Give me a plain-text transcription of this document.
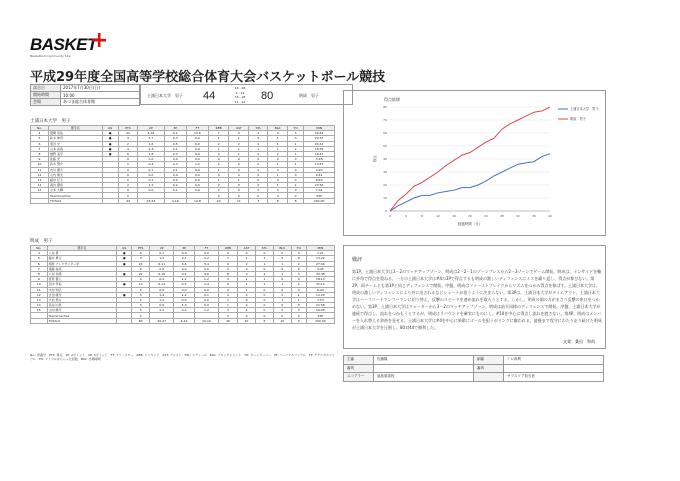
BASKET
+
Basketball Community Site
平成29年度全国高等学校総合体育大会バスケットボール競技
試合日	2017年7月30日(日)
開始時間	10:00
会場	あづま総合体育館
土浦日本大学　男子 44
16 - 26
2 - 19
15 - 18
11 - 12	80	明成　男子
土浦日本大学　男子
No.	選手名	GS	PTS	2P	3P	FT	REB	AST	STL	BLK	TO	MIN
4	風間 亮佑	●	21	4-16	0-1	13-6	7	3	1	0	3	30:52
5	鈴木 伸吾	●	4	2-7	0-3	0-0	1	1	0	1	0	29:37
6	原田 光	●	2	1-6	0-5	0-0	2	2	0	1	1	26:41
7	山本 拓哉	●	4	2-3	0-1	0-0	1	1	1	1	2	18:39
8	橋野 凌平	●	6	3-8	0-3	0-0	4	1	0	2	1	19:47
9	佐藤 光		0	0-0	0-0	0-0	0	0	0	0	0	5:28
10	鈴木 慧介		1	0-4	0-3	1-2	2	0	0	1	1	13:57
11	吉川 優斗		0	0-1	0-1	0-0	1	0	0	0	0	4:20
12	山内 健太		0	0-0	0-0	0-0	0	0	0	1	0	9:41
13	藤田 伝斗		0	0-1	0-0	0-0	1	1	0	0	0	8:49
14	森田 優希		2	1-2	0-2	0-0	2	0	0	1	2	20:55
15	山本 大輝		0	0-0	0-1	0-0	0	0	0	0	0	7:04
	TeamCoaches		0				0	0	0	0	0	25P
	TOTALS		44	15-53	0-18	14-8	24	11	3	8	8	200:00
明成　男子
No.	選手名	GS	PTS	2P	3P	FT	REB	AST	STL	BLK	TO	MIN
4	八村 塁	●	0	0-1	0-0	0-0	0	0	0	0	0	7:21
5	藤井 勇太	●	3	1-2	0-1	1-2	1	1	1	2	0	13:22
6	相原 アレクサンダー学	●	24	6-11	3-6	3-4	6	2	1	1	2	27:00
7	遠藤 祐亮		0	0-0	0-0	0-0	0	0	0	0	0	4:45
8	八村 和馬	●	22	9-10	0-2	4-6	8	3	2	3	3	32:48
9	菅原 優人		4	0-2	1-2	1-2	3	1	1	0	0	18:13
10	田中 孝佑	●	10	6-13	0-3	1-4	6	1	1	1	2	31:14
11	木村 知弘		0	0-0	0-0	0-0	0	1	0	0	0	6:40
12	吉田 健介	●	5	1-4	1-2	0-1	4	0	0	2	1	12:20
13	大松 悠太		2	1-2	0-0	0-0	1	0	0	1	1	7:53
14	長谷川 航		3	0-0	1-3	0-0	1	0	0	0	0	21:58
15	山内 健介		5	2-2	0-0	1-2	3	1	0	0	0	16:08
	TeamCoaches		0				3	0	0	0	0	25P
	TOTALS		80	26-47	6-19	10-19	36	10	6	10	9	200:00
No.: 背番号　PTS: 得点　2P: 2ポイント　3P: 3ポイント　FT: フリースロー　REB: リバウンド　AST: アシスト　STL: スティール　BLK: ブロックショット　TO: ターンオーバー　PF: パーソナルファウル　TF: テクニカルファウル　FD: ファウルをもらった回数　MIN: 出場時間
得点推移
0
10
20
30
40
50
60
70
80
0	4	8	12	16	20	24	28	32	36	40
経過時間（分）
得点
土浦日本大学　男子
明成　男子
戦評
第1P、土浦日本大学は3－2のマッチアップゾーン、明成は2－2－1のゾーンプレスから2－3ゾーンでゲーム開始。明成は、インサイドを軸に外角で得点を重ねる。一方の土浦日本大学は#4の3Pで得点するも明成の激しいディフェンスにミスを繰り返し、得点が伸びない。第2P、両チームとも第1Pと同じディフェンスで開始。序盤、明成はファーストブレイクからリズムをつかみ得点を伸ばす。土浦日本大学は、明成の激しいディフェンスにより外に出されるなどシュートが思うように決まらない。第3Pは、土浦日本大学がタイムアウト、土浦日本大学はハーフコートマンツーマンに切り替え、反撃のスピードを速め流れを取ろうとする。しかし、明成の個の力がまさり反撃の糸口をつかめない。第3P、土浦日本大学はウォーターから3－2のマッチアップゾーン、明成は前半同様のディフェンスで開始。序盤、土浦日本大学が連続で得点し、流れをつかもうとするが、明成はリバウンドを確実にものにし、#10を中心に得点し流れを渡さない。第4P、明成はメンバーを入れ替える余裕を見せる。土浦日本大学は#4を中心に果敢にゴールを狙うがリングに嫌われる。最後まで攻守にわたり走り続けた明成が土浦日本大学を圧倒し、80対44で勝利した。
文責：桑田　和尚
主審	佐藤隆	副審	ミロ真利
審判		審判	
スコアラー	福島県高校		サブスコア担当者
